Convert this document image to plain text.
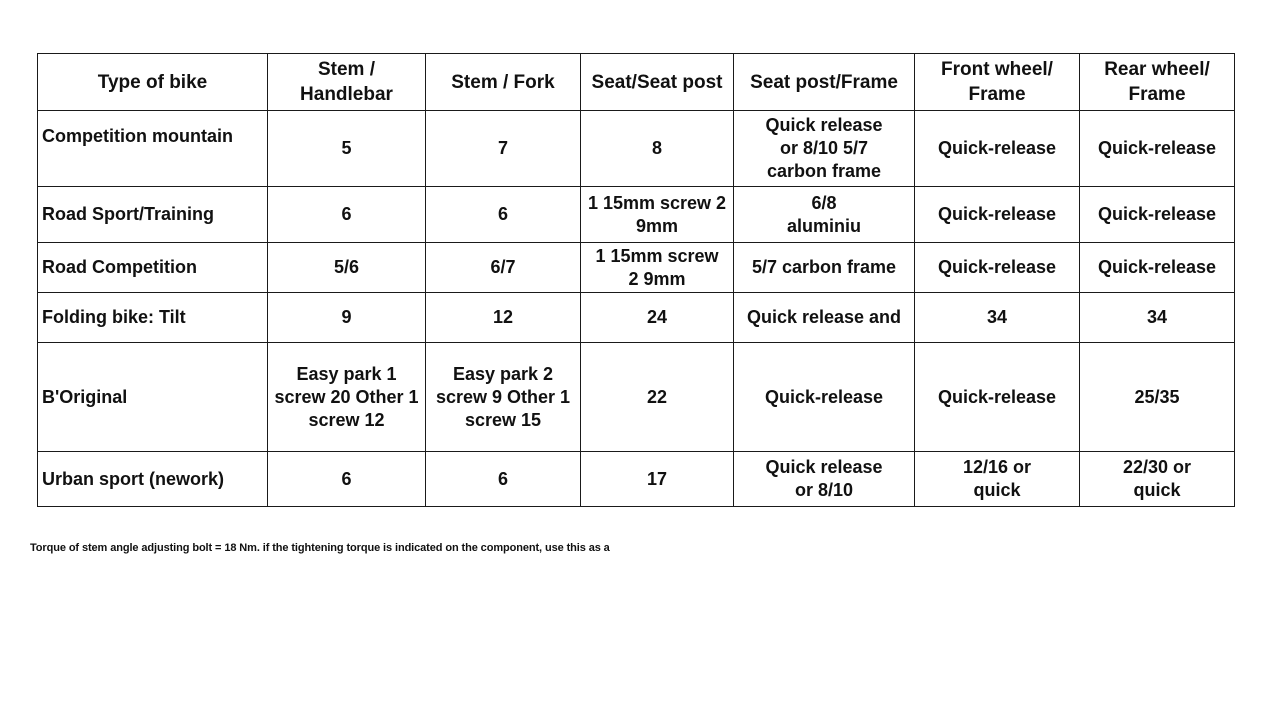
Type of bike	Stem /
Handlebar	Stem / Fork	Seat/Seat post	Seat post/Frame	Front wheel/
Frame	Rear wheel/
Frame

Competition mountain	5	7	8	Quick release
or 8/10 5/7
carbon frame	Quick-release	Quick-release

Road Sport/Training	6	6	1 15mm screw 2
9mm	6/8
aluminiu	Quick-release	Quick-release

Road Competition	5/6	6/7	1 15mm screw
2 9mm	5/7 carbon frame	Quick-release	Quick-release

Folding bike: Tilt	9	12	24	Quick release and	34	34

B'Original	Easy park 1
screw 20 Other 1
screw 12	Easy park 2
screw 9 Other 1
screw 15	22	Quick-release	Quick-release	25/35

Urban sport (nework)	6	6	17	Quick release
or 8/10	12/16 or
quick	22/30 or
quick
Torque of stem angle adjusting bolt = 18 Nm. if the tightening torque is indicated on the component, use this as a
